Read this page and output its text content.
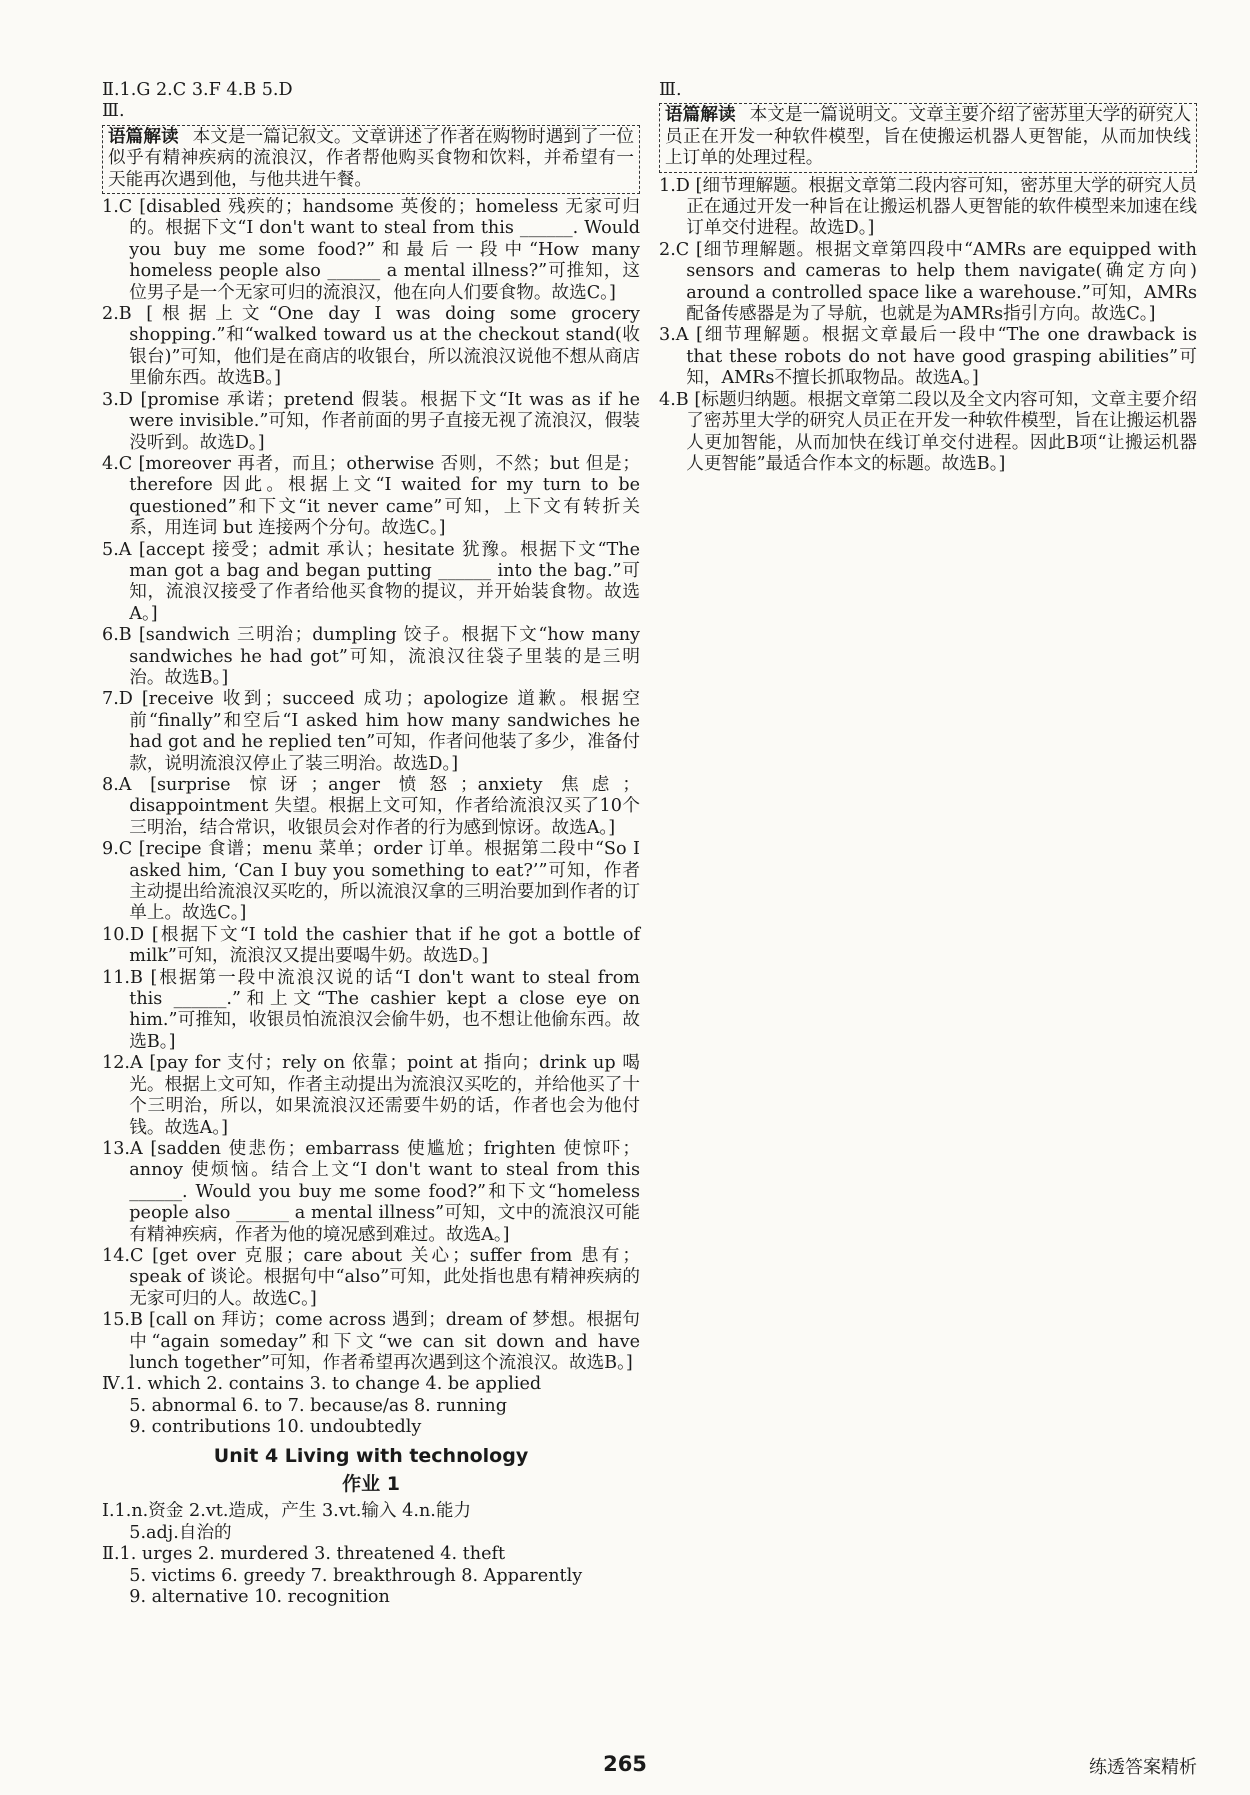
Ⅱ.1.G 2.C 3.F 4.B 5.D

Ⅲ.

语篇解读 本文是一篇记叙文。文章讲述了作者在购物时遇到了一位似乎有精神疾病的流浪汉，作者帮他购买食物和饮料，并希望有一天能再次遇到他，与他共进午餐。

1.C [disabled 残疾的；handsome 英俊的；homeless 无家可归的。根据下文“I don't want to steal from this ______. Would you buy me some food?”和最后一段中“How many homeless people also ______ a mental illness?”可推知，这位男子是一个无家可归的流浪汉，他在向人们要食物。故选C。]

2.B [根据上文“One day I was doing some grocery shopping.”和“walked toward us at the checkout stand(收银台)”可知，他们是在商店的收银台，所以流浪汉说他不想从商店里偷东西。故选B。]

3.D [promise 承诺；pretend 假装。根据下文“It was as if he were invisible.”可知，作者前面的男子直接无视了流浪汉，假装没听到。故选D。]

4.C [moreover 再者，而且；otherwise 否则，不然；but 但是；therefore 因此。根据上文“I waited for my turn to be questioned”和下文“it never came”可知，上下文有转折关系，用连词 but 连接两个分句。故选C。]

5.A [accept 接受；admit 承认；hesitate 犹豫。根据下文“The man got a bag and began putting ______ into the bag.”可知，流浪汉接受了作者给他买食物的提议，并开始装食物。故选A。]

6.B [sandwich 三明治；dumpling 饺子。根据下文“how many sandwiches he had got”可知，流浪汉往袋子里装的是三明治。故选B。]

7.D [receive 收到；succeed 成功；apologize 道歉。根据空前“finally”和空后“I asked him how many sandwiches he had got and he replied ten”可知，作者问他装了多少，准备付款，说明流浪汉停止了装三明治。故选D。]

8.A [surprise 惊讶；anger 愤怒；anxiety 焦虑；disappointment 失望。根据上文可知，作者给流浪汉买了10个三明治，结合常识，收银员会对作者的行为感到惊讶。故选A。]

9.C [recipe 食谱；menu 菜单；order 订单。根据第二段中“So I asked him, ‘Can I buy you something to eat?’”可知，作者主动提出给流浪汉买吃的，所以流浪汉拿的三明治要加到作者的订单上。故选C。]

10.D [根据下文“I told the cashier that if he got a bottle of milk”可知，流浪汉又提出要喝牛奶。故选D。]

11.B [根据第一段中流浪汉说的话“I don't want to steal from this ______.”和上文“The cashier kept a close eye on him.”可推知，收银员怕流浪汉会偷牛奶，也不想让他偷东西。故选B。]

12.A [pay for 支付；rely on 依靠；point at 指向；drink up 喝光。根据上文可知，作者主动提出为流浪汉买吃的，并给他买了十个三明治，所以，如果流浪汉还需要牛奶的话，作者也会为他付钱。故选A。]

13.A [sadden 使悲伤；embarrass 使尴尬；frighten 使惊吓；annoy 使烦恼。结合上文“I don't want to steal from this ______. Would you buy me some food?”和下文“homeless people also ______ a mental illness”可知，文中的流浪汉可能有精神疾病，作者为他的境况感到难过。故选A。]

14.C [get over 克服；care about 关心；suffer from 患有；speak of 谈论。根据句中“also”可知，此处指也患有精神疾病的无家可归的人。故选C。]

15.B [call on 拜访；come across 遇到；dream of 梦想。根据句中“again someday”和下文“we can sit down and have lunch together”可知，作者希望再次遇到这个流浪汉。故选B。]

Ⅳ.1. which 2. contains 3. to change 4. be applied

5. abnormal 6. to 7. because/as 8. running

9. contributions 10. undoubtedly

Unit 4 Living with technology
作业 1

Ⅰ.1.n.资金 2.vt.造成，产生 3.vt.输入 4.n.能力

5.adj.自治的

Ⅱ.1. urges 2. murdered 3. threatened 4. theft

5. victims 6. greedy 7. breakthrough 8. Apparently

9. alternative 10. recognition

Ⅲ.

语篇解读 本文是一篇说明文。文章主要介绍了密苏里大学的研究人员正在开发一种软件模型，旨在使搬运机器人更智能，从而加快线上订单的处理过程。

1.D [细节理解题。根据文章第二段内容可知，密苏里大学的研究人员正在通过开发一种旨在让搬运机器人更智能的软件模型来加速在线订单交付进程。故选D。]

2.C [细节理解题。根据文章第四段中“AMRs are equipped with sensors and cameras to help them navigate(确定方向) around a controlled space like a warehouse.”可知，AMRs配备传感器是为了导航，也就是为AMRs指引方向。故选C。]

3.A [细节理解题。根据文章最后一段中“The one drawback is that these robots do not have good grasping abilities”可知，AMRs不擅长抓取物品。故选A。]

4.B [标题归纳题。根据文章第二段以及全文内容可知，文章主要介绍了密苏里大学的研究人员正在开发一种软件模型，旨在让搬运机器人更加智能，从而加快在线订单交付进程。因此B项“让搬运机器人更智能”最适合作本文的标题。故选B。]

265	练透答案精析
